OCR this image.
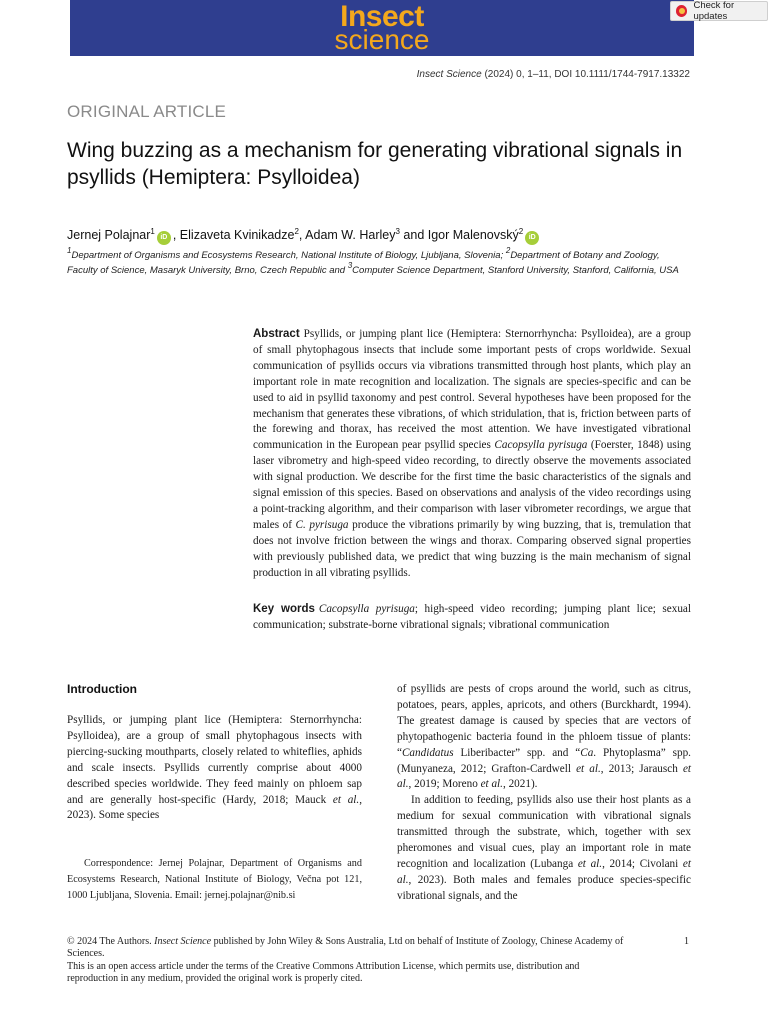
Insect
science
Check for updates
Insect Science (2024) 0, 1–11, DOI 10.1111/1744-7917.13322
ORIGINAL ARTICLE
Wing buzzing as a mechanism for generating vibrational signals in psyllids (Hemiptera: Psylloidea)
Jernej Polajnar$^1$iD , Elizaveta Kvinikadze$^2$, Adam W. Harley$^3$ and Igor Malenovský$^2$iD
$^1$Department of Organisms and Ecosystems Research, National Institute of Biology, Ljubljana, Slovenia; $^2$Department of Botany and Zoology, Faculty of Science, Masaryk University, Brno, Czech Republic and $^3$Computer Science Department, Stanford University, Stanford, California, USA
Abstract Psyllids, or jumping plant lice (Hemiptera: Sternorrhyncha: Psylloidea), are a group of small phytophagous insects that include some important pests of crops worldwide. Sexual communication of psyllids occurs via vibrations transmitted through host plants, which play an important role in mate recognition and localization. The signals are species-specific and can be used to aid in psyllid taxonomy and pest control. Several hypotheses have been proposed for the mechanism that generates these vibrations, of which stridulation, that is, friction between parts of the forewing and thorax, has received the most attention. We have investigated vibrational communication in the European pear psyllid species Cacopsylla pyrisuga (Foerster, 1848) using laser vibrometry and high-speed video recording, to directly observe the movements associated with signal production. We describe for the first time the basic characteristics of the signals and signal emission of this species. Based on observations and analysis of the video recordings using a point-tracking algorithm, and their comparison with laser vibrometer recordings, we argue that males of C. pyrisuga produce the vibrations primarily by wing buzzing, that is, tremulation that does not involve friction between the wings and thorax. Comparing observed signal properties with previously published data, we predict that wing buzzing is the main mechanism of signal production in all vibrating psyllids.
Key words Cacopsylla pyrisuga; high-speed video recording; jumping plant lice; sexual communication; substrate-borne vibrational signals; vibrational communication
Introduction

Psyllids, or jumping plant lice (Hemiptera: Sternorrhyncha: Psylloidea), are a group of small phytophagous insects with piercing-sucking mouthparts, closely related to whiteflies, aphids and scale insects. Psyllids currently comprise about 4000 described species worldwide. They feed mainly on phloem sap and are generally host-specific (Hardy, 2018; Mauck et al., 2023). Some species

Correspondence: Jernej Polajnar, Department of Organisms and Ecosystems Research, National Institute of Biology, Večna pot 121, 1000 Ljubljana, Slovenia. Email: jernej.polajnar@nib.si

of psyllids are pests of crops around the world, such as citrus, potatoes, pears, apples, apricots, and others (Burckhardt, 1994). The greatest damage is caused by species that are vectors of phytopathogenic bacteria found in the phloem tissue of plants: “Candidatus Liberibacter” spp. and “Ca. Phytoplasma” spp. (Munyaneza, 2012; Grafton-Cardwell et al., 2013; Jarausch et al., 2019; Moreno et al., 2021).

In addition to feeding, psyllids also use their host plants as a medium for sexual communication with vibrational signals transmitted through the substrate, which, together with sex pheromones and visual cues, play an important role in mate recognition and localization (Lubanga et al., 2014; Civolani et al., 2023). Both males and females produce species-specific vibrational signals, and the

© 2024 The Authors. Insect Science published by John Wiley & Sons Australia, Ltd on behalf of Institute of Zoology, Chinese Academy of Sciences.
This is an open access article under the terms of the Creative Commons Attribution License, which permits use, distribution and reproduction in any medium, provided the original work is properly cited.
1
